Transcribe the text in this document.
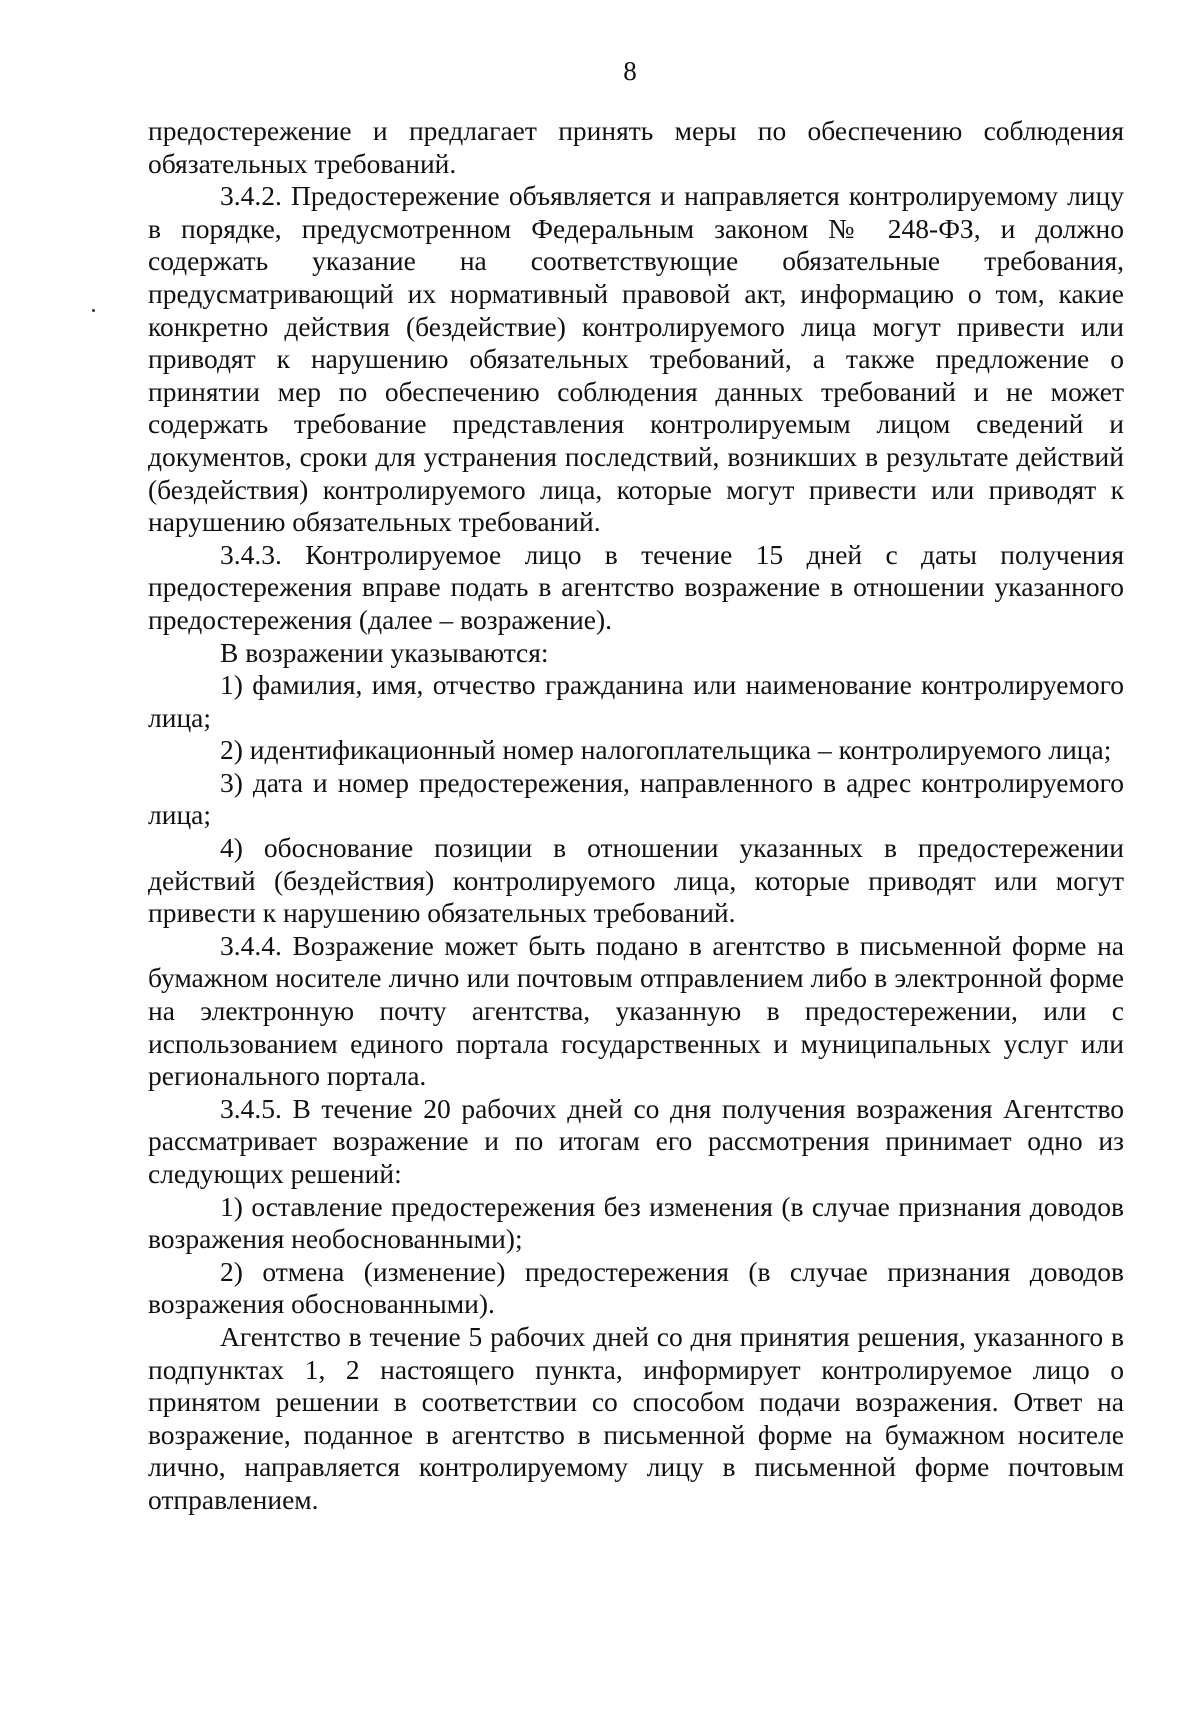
8

предостережение и предлагает принять меры по обеспечению соблюдения обязательных требований.

3.4.2. Предостережение объявляется и направляется контролируемому лицу в порядке, предусмотренном Федеральным законом № 248-ФЗ, и должно содержать указание на соответствующие обязательные требования, предусматривающий их нормативный правовой акт, информацию о том, какие конкретно действия (бездействие) контролируемого лица могут привести или приводят к нарушению обязательных требований, а также предложение о принятии мер по обеспечению соблюдения данных требований и не может содержать требование представления контролируемым лицом сведений и документов, сроки для устранения последствий, возникших в результате действий (бездействия) контролируемого лица, которые могут привести или приводят к нарушению обязательных требований.

3.4.3. Контролируемое лицо в течение 15 дней с даты получения предостережения вправе подать в агентство возражение в отношении указанного предостережения (далее – возражение).

В возражении указываются:

1) фамилия, имя, отчество гражданина или наименование контролируемого лица;

2) идентификационный номер налогоплательщика – контролируемого лица;

3) дата и номер предостережения, направленного в адрес контролируемого лица;

4) обоснование позиции в отношении указанных в предостережении действий (бездействия) контролируемого лица, которые приводят или могут привести к нарушению обязательных требований.

3.4.4. Возражение может быть подано в агентство в письменной форме на бумажном носителе лично или почтовым отправлением либо в электронной форме на электронную почту агентства, указанную в предостережении, или с использованием единого портала государственных и муниципальных услуг или регионального портала.

3.4.5. В течение 20 рабочих дней со дня получения возражения Агентство рассматривает возражение и по итогам его рассмотрения принимает одно из следующих решений:

1) оставление предостережения без изменения (в случае признания доводов возражения необоснованными);

2) отмена (изменение) предостережения (в случае признания доводов возражения обоснованными).

Агентство в течение 5 рабочих дней со дня принятия решения, указанного в подпунктах 1, 2 настоящего пункта, информирует контролируемое лицо о принятом решении в соответствии со способом подачи возражения. Ответ на возражение, поданное в агентство в письменной форме на бумажном носителе лично, направляется контролируемому лицу в письменной форме почтовым отправлением.
